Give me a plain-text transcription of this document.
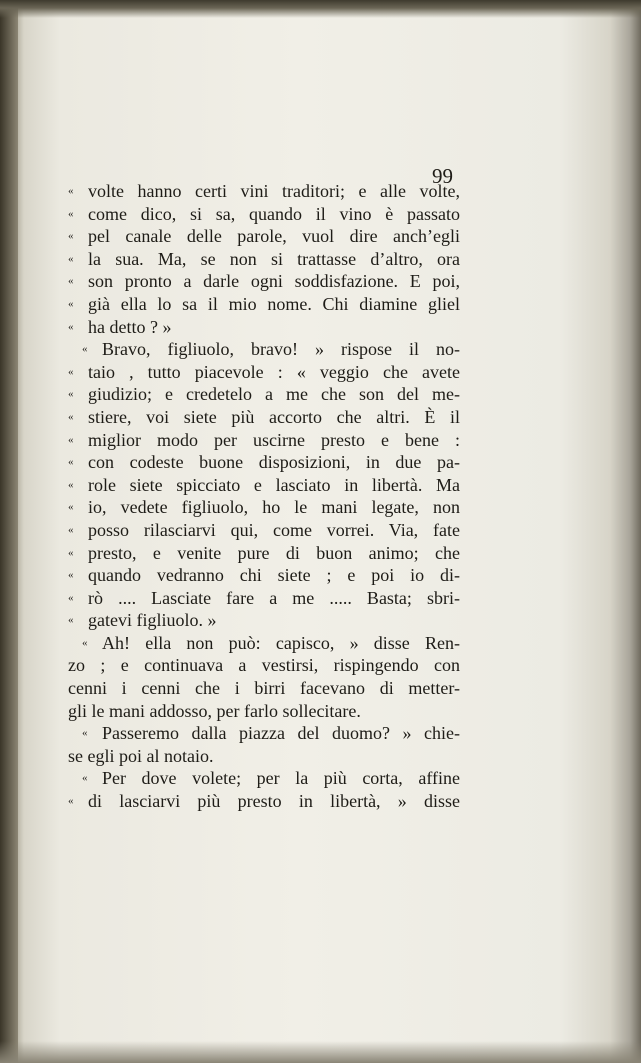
99
« volte hanno certi vini traditori; e alle volte,
« come dico, si sa, quando il vino è passato
« pel canale delle parole, vuol dire anch’egli
« la sua. Ma, se non si trattasse d’altro, ora
« son pronto a darle ogni soddisfazione. E poi,
« già ella lo sa il mio nome. Chi diamine gliel
« ha detto ? »
« Bravo, figliuolo, bravo! » rispose il no-
« taio , tutto piacevole : « veggio che avete
« giudizio; e credetelo a me che son del me-
« stiere, voi siete più accorto che altri. È il
« miglior modo per uscirne presto e bene :
« con codeste buone disposizioni, in due pa-
« role siete spicciato e lasciato in libertà. Ma
« io, vedete figliuolo, ho le mani legate, non
« posso rilasciarvi qui, come vorrei. Via, fate
« presto, e venite pure di buon animo; che
« quando vedranno chi siete ; e poi io di-
« rò .... Lasciate fare a me ..... Basta; sbri-
« gatevi figliuolo. »
« Ah! ella non può: capisco, » disse Ren-
zo ; e continuava a vestirsi, rispingendo con
cenni i cenni che i birri facevano di metter-
gli le mani addosso, per farlo sollecitare.
« Passeremo dalla piazza del duomo? » chie-
se egli poi al notaio.
« Per dove volete; per la più corta, affine
« di lasciarvi più presto in libertà, » disse
